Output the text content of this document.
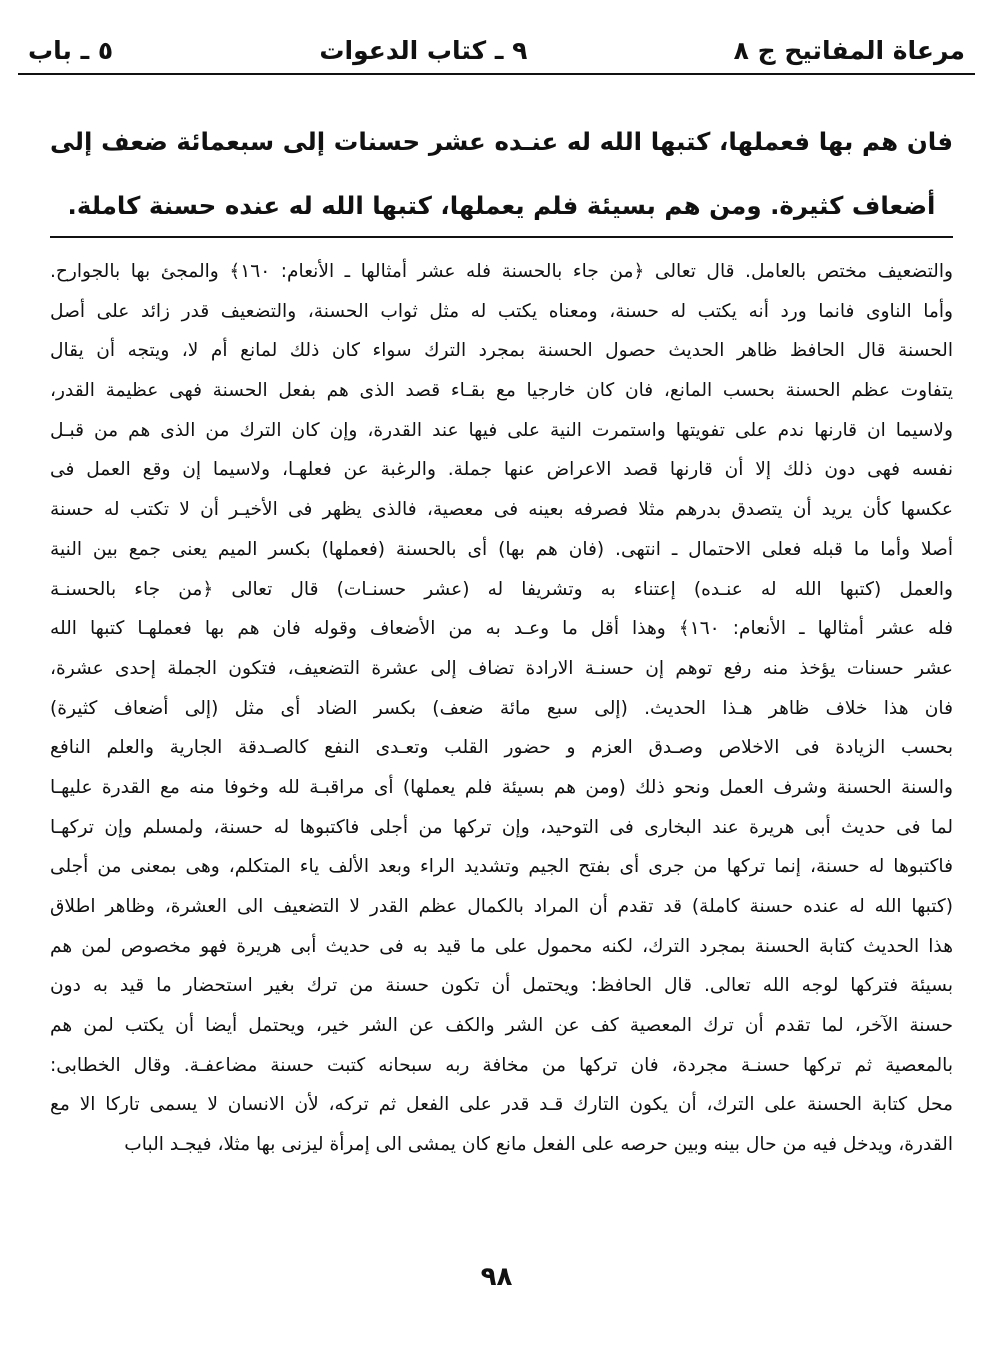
مرعاة المفاتيح ج ٨
٩ ـ كتاب الدعوات
٥ ـ باب
فان هم بها فعملها، كتبها الله له عنـده عشر حسنات إلى سبعمائة ضعف إلى أضعاف كثيرة. ومن هم بسيئة فلم يعملها، كتبها الله له عنده حسنة كاملة.
والتضعيف مختص بالعامل. قال تعالى ﴿من جاء بالحسنة فله عشر أمثالها ـ الأنعام: ١٦٠﴾ والمجئ بها بالجوارح.
وأما الناوى فانما ورد أنه يكتب له حسنة، ومعناه يكتب له مثل ثواب الحسنة، والتضعيف قدر زائد على أصل
الحسنة قال الحافظ ظاهر الحديث حصول الحسنة بمجرد الترك سواء كان ذلك لمانع أم لا، ويتجه أن يقال
يتفاوت عظم الحسنة بحسب المانع، فان كان خارجيا مع بقـاء قصد الذى هم بفعل الحسنة فهى عظيمة القدر،
ولاسيما ان قارنها ندم على تفويتها واستمرت النية على فيها عند القدرة، وإن كان الترك من الذى هم من قبـل
نفسه فهى دون ذلك إلا أن قارنها قصد الاعراض عنها جملة. والرغبة عن فعلهـا، ولاسيما إن وقع العمل فى
عكسها كأن يريد أن يتصدق بدرهم مثلا فصرفه بعينه فى معصية، فالذى يظهر فى الأخيـر أن لا تكتب له حسنة
أصلا وأما ما قبله فعلى الاحتمال ـ انتهى. (فان هم بها) أى بالحسنة (فعملها) بكسر الميم يعنى جمع بين النية
والعمل (كتبها الله له عنـده) إعتناء به وتشريفا له (عشر حسنـات) قال تعالى ﴿من جاء بالحسنـة
فله عشر أمثالها ـ الأنعام: ١٦٠﴾ وهذا أقل ما وعـد به من الأضعاف وقوله فان هم بها فعملهـا كتبها الله
عشر حسنات يؤخذ منه رفع توهم إن حسنـة الارادة تضاف إلى عشرة التضعيف، فتكون الجملة إحدى عشرة،
فان هذا خلاف ظاهر هـذا الحديث. (إلى سبع مائة ضعف) بكسر الضاد أى مثل (إلى أضعاف كثيرة)
بحسب الزيادة فى الاخلاص وصـدق العزم و حضور القلب وتعـدى النفع كالصـدقة الجارية والعلم النافع
والسنة الحسنة وشرف العمل ونحو ذلك (ومن هم بسيئة فلم يعملها) أى مراقبـة لله وخوفا منه مع القدرة عليهـا
لما فى حديث أبى هريرة عند البخارى فى التوحيد، وإن تركها من أجلى فاكتبوها له حسنة، ولمسلم وإن تركهـا
فاكتبوها له حسنة، إنما تركها من جرى أى بفتح الجيم وتشديد الراء وبعد الألف ياء المتكلم، وهى بمعنى من أجلى
(كتبها الله له عنده حسنة كاملة) قد تقدم أن المراد بالكمال عظم القدر لا التضعيف الى العشرة، وظاهر اطلاق
هذا الحديث كتابة الحسنة بمجرد الترك، لكنه محمول على ما قيد به فى حديث أبى هريرة فهو مخصوص لمن هم
بسيئة فتركها لوجه الله تعالى. قال الحافظ: ويحتمل أن تكون حسنة من ترك بغير استحضار ما قيد به دون
حسنة الآخر، لما تقدم أن ترك المعصية كف عن الشر والكف عن الشر خير، ويحتمل أيضا أن يكتب لمن هم
بالمعصية ثم تركها حسنـة مجردة، فان تركها من مخافة ربه سبحانه كتبت حسنة مضاعفـة. وقال الخطابى:
محل كتابة الحسنة على الترك، أن يكون التارك قـد قدر على الفعل ثم تركه، لأن الانسان لا يسمى تاركا الا مع
القدرة، ويدخل فيه من حال بينه وبين حرصه على الفعل مانع كان يمشى الى إمرأة ليزنى بها مثلا، فيجـد الباب
٩٨
